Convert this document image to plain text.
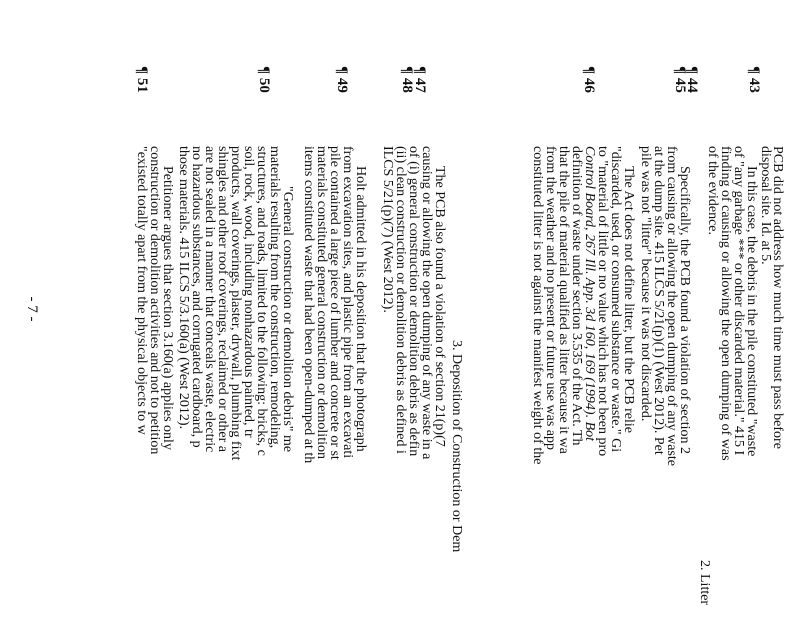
¶ 43
¶ 44
¶ 45
¶ 46
¶ 47
¶ 48
¶ 49
¶ 50
¶ 51
PCB did not address how much time must pass before
disposal site. Id. at 5.
In this case, the debris in the pile constituted "waste
of "any garbage *** or other discarded material." 415 I
finding of causing or allowing the open dumping of was
of the evidence.
2. Litter
Specifically, the PCB found a violation of section 2
from causing or allowing the open dumping of any waste
at the dump site. 415 ILCS 5/21(p)(1) (West 2012). Pet
pile was not "litter" because it was not discarded.
The Act does not define litter, but the PCB relie
"discarded, used, or consumed substance or waste." Gi
to "material of little or no value which has not been pro
Control Board, 267 Ill. App. 3d 160, 169 (1994). Bot
definition of waste under section 3.535 of the Act. Th
that the pile of material qualified as litter because it wa
from the weather and no present or future use was app
constituted litter is not against the manifest weight of the
3. Deposition of Construction or Dem
The PCB also found a violation of section 21(p)(7
causing or allowing the open dumping of any waste in a
of (i) general construction or demolition debris as defin
(ii) clean construction or demolition debris as defined i
ILCS 5/21(p)(7) (West 2012).
Holt admitted in his deposition that the photograph
from excavation sites, and plastic pipe from an excavati
pile contained a large piece of lumber and concrete or st
materials constituted general construction or demolition
items constituted waste that had been open-dumped at th
"General construction or demolition debris" me
materials resulting from the construction, remodeling,
structures, and roads, limited to the following: bricks, c
soil, rock, wood, including nonhazardous painted, tr
products, wall coverings, plaster, drywall, plumbing fixt
shingles and other roof coverings, reclaimed or other a
are not sealed in a manner that conceals waste, electric
no hazardous substances, and corrugated cardboard, p
those materials. 415 ILCS 5/3.160(a) (West 2012).
Petitioner argues that section 3.160(a) applies only
construction or demolition activities and not to petition
"existed totally apart from the physical objects to w
- 7 -
